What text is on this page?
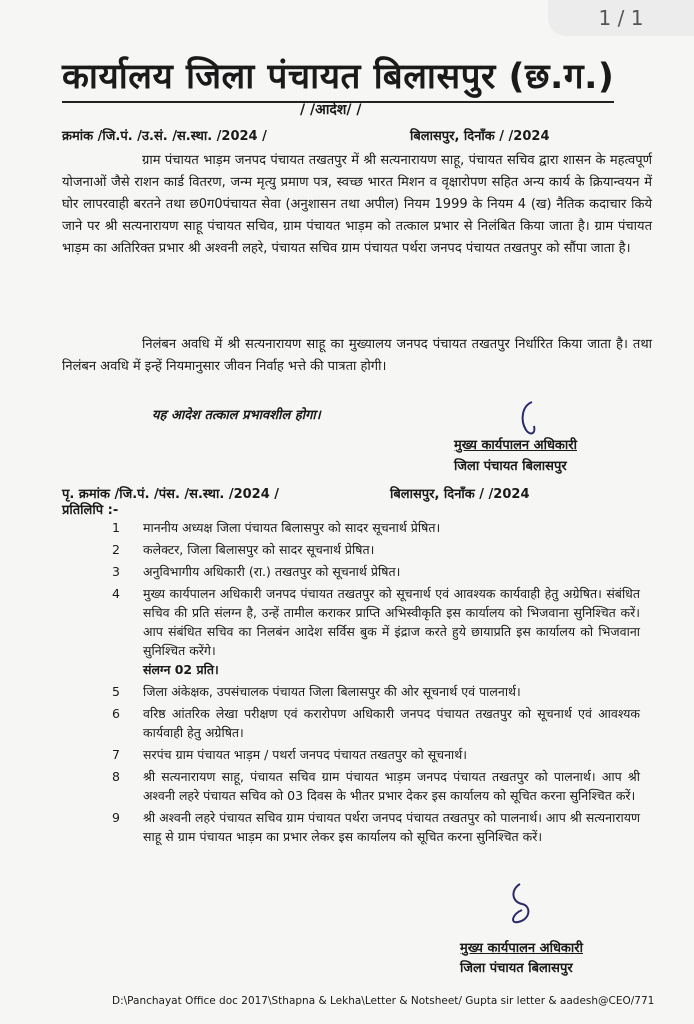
1 / 1
कार्यालय जिला पंचायत बिलासपुर (छ.ग.)
/ /आदेश/ /
क्रमांक /जि.पं. /उ.सं. /स.स्था. /2024 /	बिलासपुर, दिनाँक / /2024

ग्राम पंचायत भाड़म जनपद पंचायत तखतपुर में श्री सत्यनारायण साहू, पंचायत सचिव द्वारा शासन के महत्वपूर्ण योजनाओं जैसे राशन कार्ड वितरण, जन्म मृत्यु प्रमाण पत्र, स्वच्छ भारत मिशन व वृक्षारोपण सहित अन्य कार्य के क्रियान्वयन में घोर लापरवाही बरतने तथा छ0ग0पंचायत सेवा (अनुशासन तथा अपील) नियम 1999 के नियम 4 (ख) नैतिक कदाचार किये जाने पर श्री सत्यनारायण साहू पंचायत सचिव, ग्राम पंचायत भाड़म को तत्काल प्रभार से निलंबित किया जाता है। ग्राम पंचायत भाड़म का अतिरिक्त प्रभार श्री अश्वनी लहरे, पंचायत सचिव ग्राम पंचायत पर्थरा जनपद पंचायत तखतपुर को सौंपा जाता है।

निलंबन अवधि में श्री सत्यनारायण साहू का मुख्यालय जनपद पंचायत तखतपुर निर्धारित किया जाता है। तथा निलंबन अवधि में इन्हें नियमानुसार जीवन निर्वाह भत्ते की पात्रता होगी।

यह आदेश तत्काल प्रभावशील होगा।
मुख्य कार्यपालन अधिकारी
जिला पंचायत बिलासपुर
पृ. क्रमांक /जि.पं. /पंस. /स.स्था. /2024 /	बिलासपुर, दिनाँक / /2024
प्रतिलिपि :-
1	माननीय अध्यक्ष जिला पंचायत बिलासपुर को सादर सूचनार्थ प्रेषित।
2	कलेक्टर, जिला बिलासपुर को सादर सूचनार्थ प्रेषित।
3	अनुविभागीय अधिकारी (रा.) तखतपुर को सूचनार्थ प्रेषित।
4	मुख्य कार्यपालन अधिकारी जनपद पंचायत तखतपुर को सूचनार्थ एवं आवश्यक कार्यवाही हेतु अग्रेषित। संबंधित सचिव की प्रति संलग्न है, उन्हें तामील कराकर प्राप्ति अभिस्वीकृति इस कार्यालय को भिजवाना सुनिश्चित करें। आप संबंधित सचिव का निलबंन आदेश सर्विस बुक में इंद्राज करते हुये छायाप्रति इस कार्यालय को भिजवाना सुनिश्चित करेंगे।
संलग्न 02 प्रति।
5	जिला अंकेक्षक, उपसंचालक पंचायत जिला बिलासपुर की ओर सूचनार्थ एवं पालनार्थ।
6	वरिष्ठ आंतरिक लेखा परीक्षण एवं करारोपण अधिकारी जनपद पंचायत तखतपुर को सूचनार्थ एवं आवश्यक कार्यवाही हेतु अग्रेषित।
7	सरपंच ग्राम पंचायत भाड़म / पथर्रा जनपद पंचायत तखतपुर को सूचनार्थ।
8	श्री सत्यनारायण साहू, पंचायत सचिव ग्राम पंचायत भाड़म जनपद पंचायत तखतपुर को पालनार्थ। आप श्री अश्वनी लहरे पंचायत सचिव को 03 दिवस के भीतर प्रभार देकर इस कार्यालय को सूचित करना सुनिश्चित करें।
9	श्री अश्वनी लहरे पंचायत सचिव ग्राम पंचायत पर्थरा जनपद पंचायत तखतपुर को पालनार्थ। आप श्री सत्यनारायण साहू से ग्राम पंचायत भाड़म का प्रभार लेकर इस कार्यालय को सूचित करना सुनिश्चित करें।
मुख्य कार्यपालन अधिकारी
जिला पंचायत बिलासपुर
D:\Panchayat Office doc 2017\Sthapna & Lekha\Letter & Notsheet/ Gupta sir letter & aadesh@CEO/771
